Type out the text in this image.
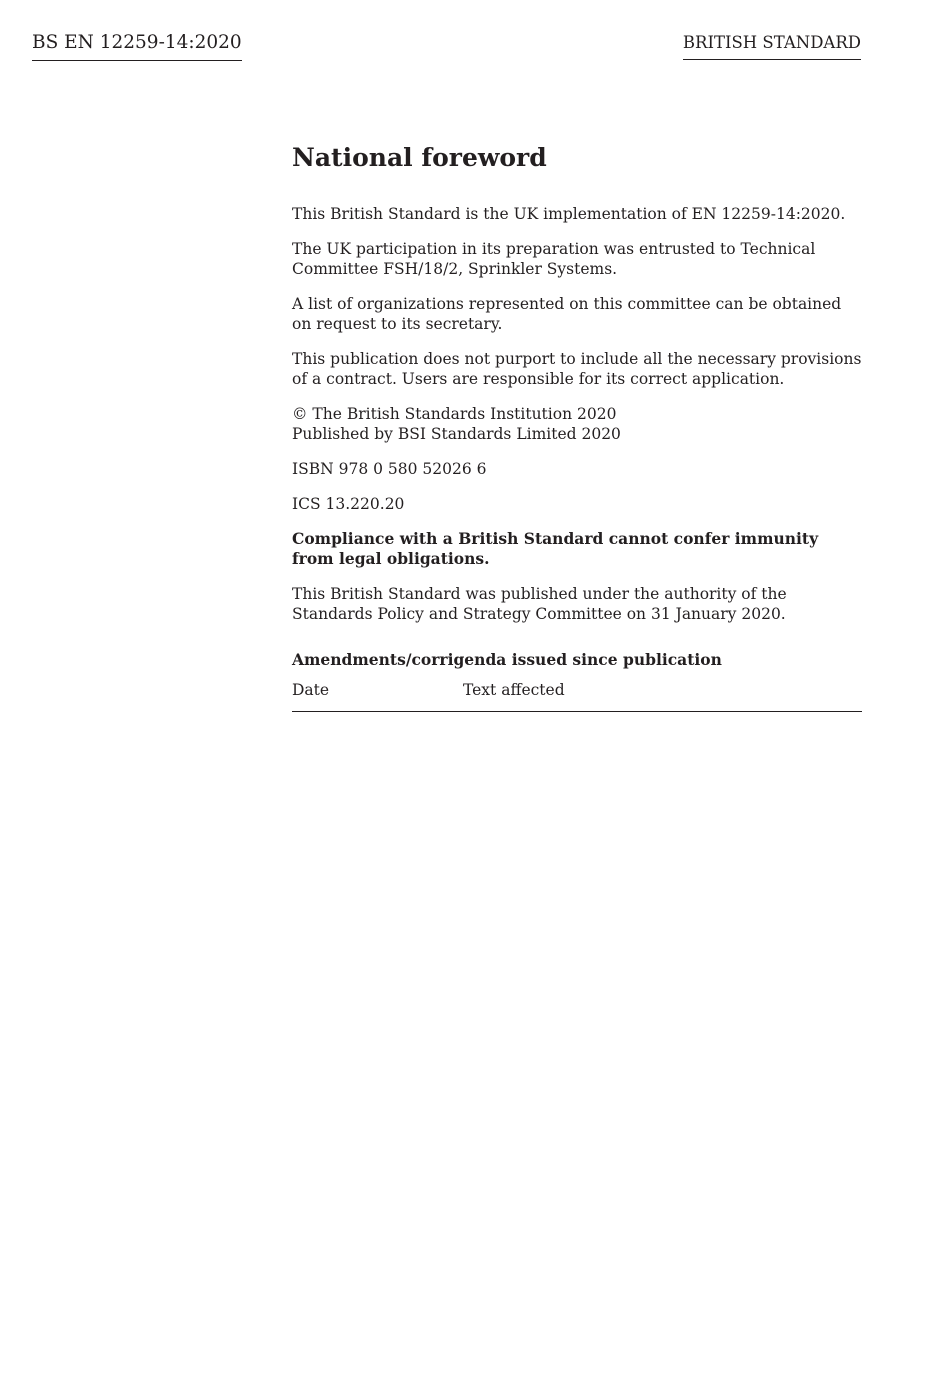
BS EN 12259-14:2020	BRITISH STANDARD
National foreword

This British Standard is the UK implementation of EN 12259-14:2020.

The UK participation in its preparation was entrusted to Technical Committee FSH/18/2, Sprinkler Systems.

A list of organizations represented on this committee can be obtained on request to its secretary.

This publication does not purport to include all the necessary provisions of a contract. Users are responsible for its correct application.

© The British Standards Institution 2020
Published by BSI Standards Limited 2020

ISBN 978 0 580 52026 6

ICS 13.220.20

Compliance with a British Standard cannot confer immunity from legal obligations.

This British Standard was published under the authority of the Standards Policy and Strategy Committee on 31 January 2020.

Amendments/corrigenda issued since publication
Date	Text affected
